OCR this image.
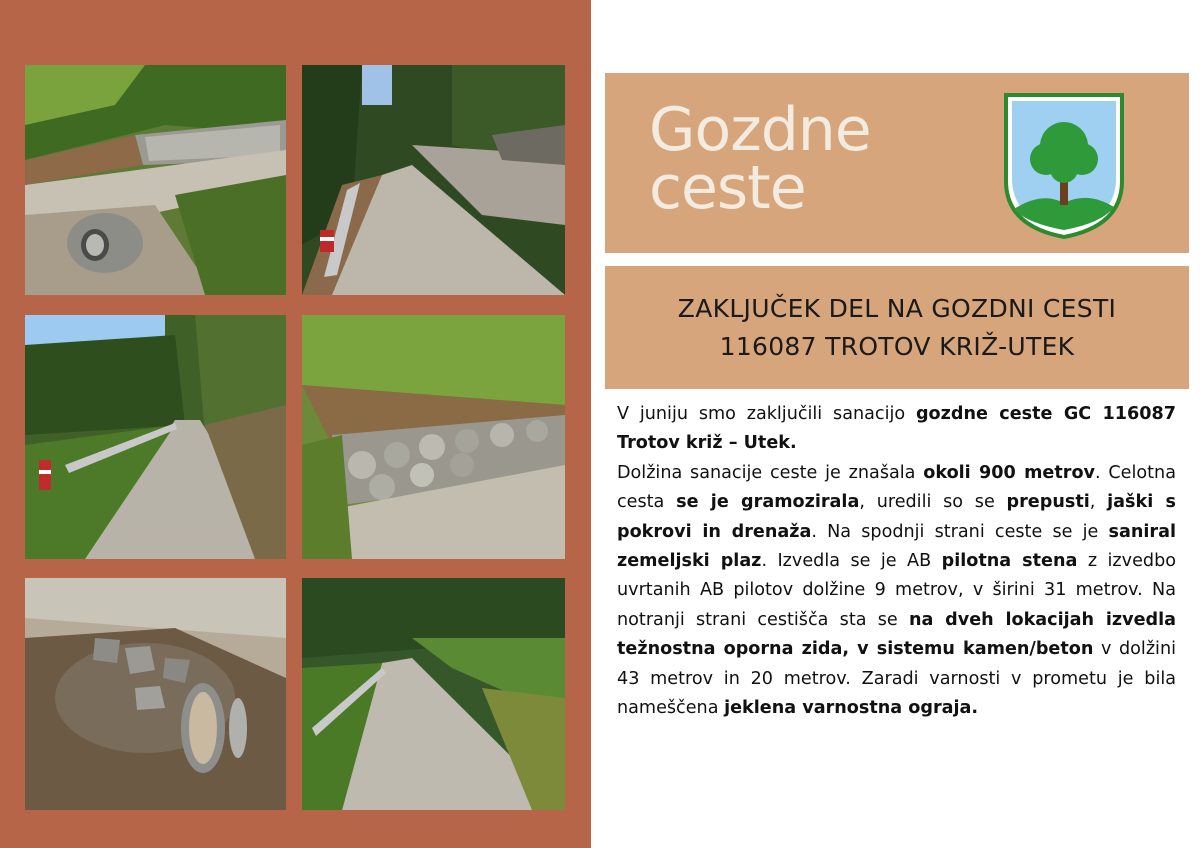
Gozdne
ceste
ZAKLJUČEK DEL NA GOZDNI CESTI
116087 TROTOV KRIŽ-UTEK

V juniju smo zaključili sanacijo gozdne ceste GC 116087 Trotov križ – Utek.

Dolžina sanacije ceste je znašala okoli 900 metrov. Celotna cesta se je gramozirala, uredili so se prepusti, jaški s pokrovi in drenaža. Na spodnji strani ceste se je saniral zemeljski plaz. Izvedla se je AB pilotna stena z izvedbo uvrtanih AB pilotov dolžine 9 metrov, v širini 31 metrov. Na notranji strani cestišča sta se na dveh lokacijah izvedla težnostna oporna zida, v sistemu kamen/beton v dolžini 43 metrov in 20 metrov. Zaradi varnosti v prometu je bila nameščena jeklena varnostna ograja.
